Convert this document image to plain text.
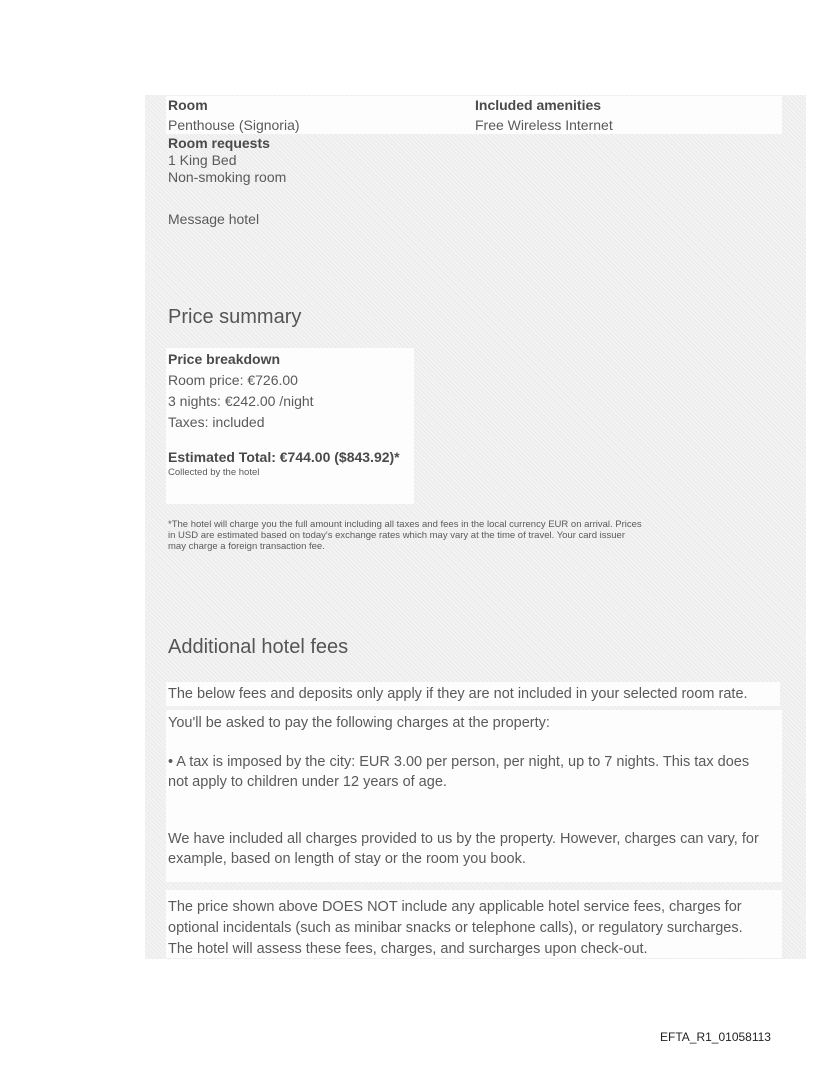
Room
Penthouse (Signoria)
Room requests
1 King Bed
Non-smoking room
Message hotel
Included amenities
Free Wireless Internet
Price summary
Price breakdown
Room price: €726.00
3 nights: €242.00 /night
Taxes: included
Estimated Total: €744.00 ($843.92)*
Collected by the hotel
*The hotel will charge you the full amount including all taxes and fees in the local currency EUR on arrival. Prices
in USD are estimated based on today's exchange rates which may vary at the time of travel. Your card issuer
may charge a foreign transaction fee.
Additional hotel fees
The below fees and deposits only apply if they are not included in your selected room rate.
You'll be asked to pay the following charges at the property:
• A tax is imposed by the city: EUR 3.00 per person, per night, up to 7 nights. This tax does
not apply to children under 12 years of age.
We have included all charges provided to us by the property. However, charges can vary, for
example, based on length of stay or the room you book.
The price shown above DOES NOT include any applicable hotel service fees, charges for
optional incidentals (such as minibar snacks or telephone calls), or regulatory surcharges.
The hotel will assess these fees, charges, and surcharges upon check-out.
EFTA_R1_01058113
